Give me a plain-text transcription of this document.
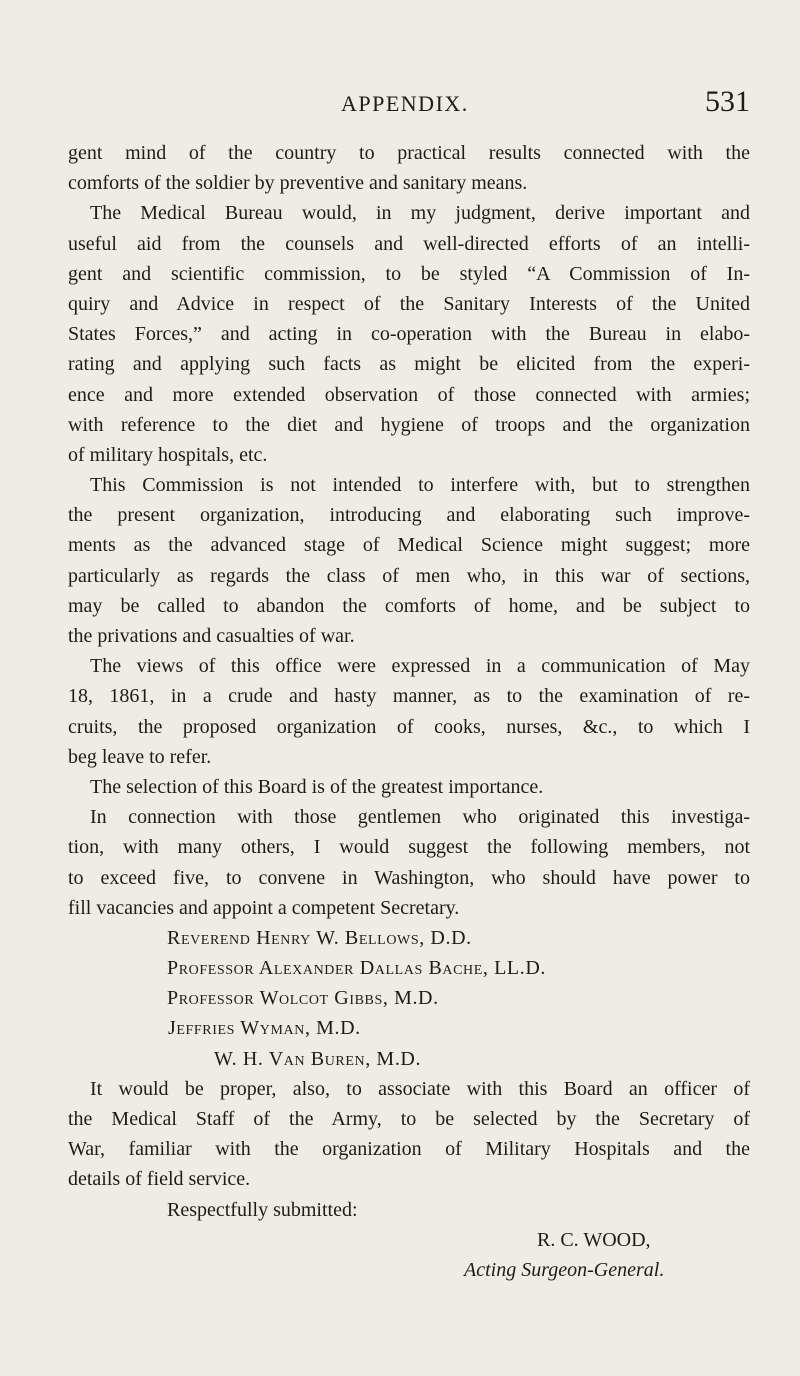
APPENDIX.	531
gent mind of the country to practical results connected with the
comforts of the soldier by preventive and sanitary means.
The Medical Bureau would, in my judgment, derive important and
useful aid from the counsels and well-directed efforts of an intelli-
gent and scientific commission, to be styled “A Commission of In-
quiry and Advice in respect of the Sanitary Interests of the United
States Forces,” and acting in co-operation with the Bureau in elabo-
rating and applying such facts as might be elicited from the experi-
ence and more extended observation of those connected with armies;
with reference to the diet and hygiene of troops and the organization
of military hospitals, etc.
This Commission is not intended to interfere with, but to strengthen
the present organization, introducing and elaborating such improve-
ments as the advanced stage of Medical Science might suggest; more
particularly as regards the class of men who, in this war of sections,
may be called to abandon the comforts of home, and be subject to
the privations and casualties of war.
The views of this office were expressed in a communication of May
18, 1861, in a crude and hasty manner, as to the examination of re-
cruits, the proposed organization of cooks, nurses, &c., to which I
beg leave to refer.
The selection of this Board is of the greatest importance.
In connection with those gentlemen who originated this investiga-
tion, with many others, I would suggest the following members, not
to exceed five, to convene in Washington, who should have power to
fill vacancies and appoint a competent Secretary.
Reverend Henry W. Bellows, D.D.
Professor Alexander Dallas Bache, LL.D.
Professor Wolcot Gibbs, M.D.
Jeffries Wyman, M.D.
W. H. Van Buren, M.D.
It would be proper, also, to associate with this Board an officer of
the Medical Staff of the Army, to be selected by the Secretary of
War, familiar with the organization of Military Hospitals and the
details of field service.
Respectfully submitted:
R. C. WOOD,
Acting Surgeon-General.
